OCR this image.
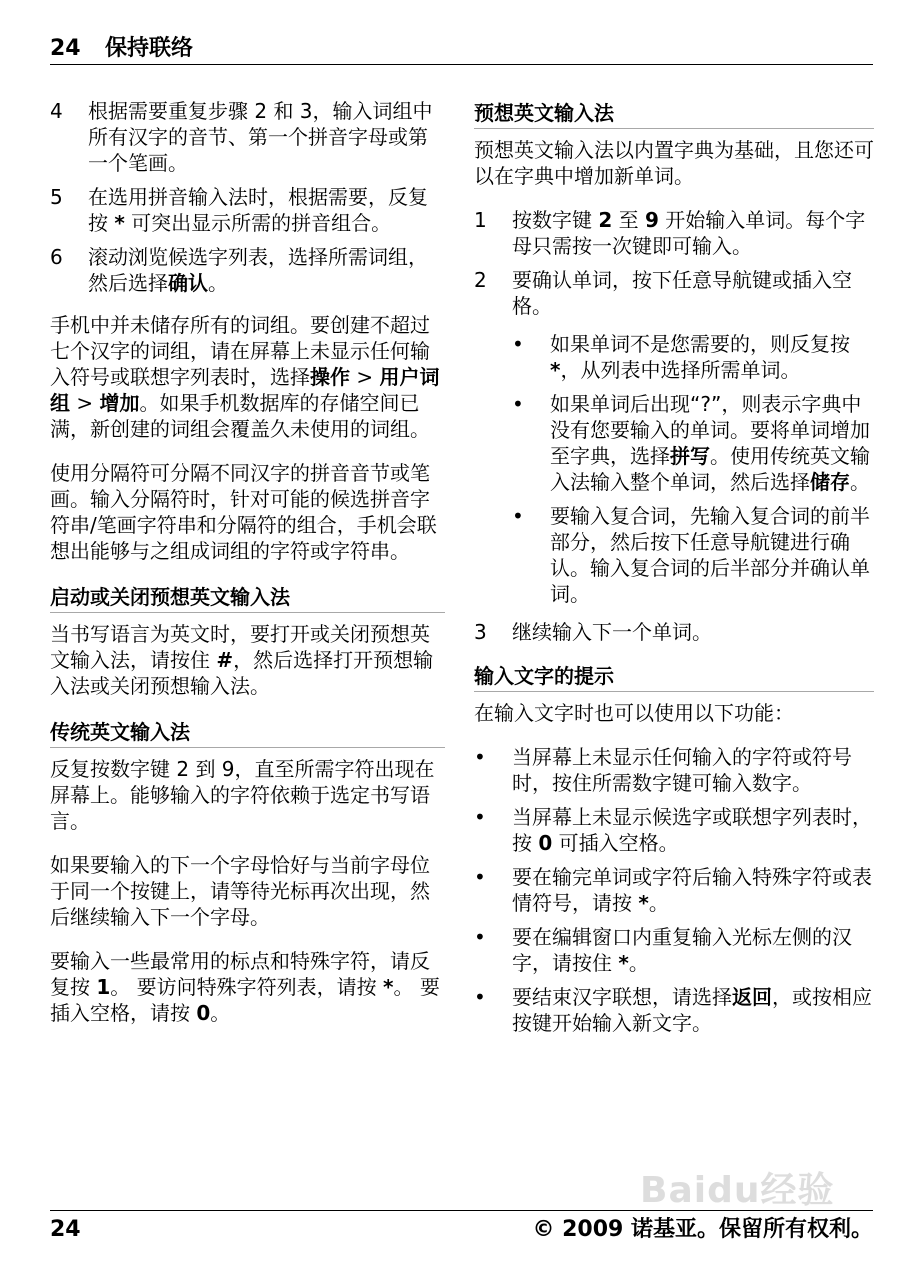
24 保持联络
4	根据需要重复步骤 2 和 3，输入词组中所有汉字的音节、第一个拼音字母或第一个笔画。
5	在选用拼音输入法时，根据需要，反复按 * 可突出显示所需的拼音组合。
6	滚动浏览候选字列表，选择所需词组，然后选择确认。

手机中并未储存所有的词组。要创建不超过七个汉字的词组，请在屏幕上未显示任何输入符号或联想字列表时，选择操作 > 用户词组 > 增加。如果手机数据库的存储空间已满，新创建的词组会覆盖久未使用的词组。

使用分隔符可分隔不同汉字的拼音音节或笔画。输入分隔符时，针对可能的候选拼音字符串/笔画字符串和分隔符的组合，手机会联想出能够与之组成词组的字符或字符串。

启动或关闭预想英文输入法

当书写语言为英文时，要打开或关闭预想英文输入法，请按住 #，然后选择打开预想输入法或关闭预想输入法。

传统英文输入法

反复按数字键 2 到 9，直至所需字符出现在屏幕上。能够输入的字符依赖于选定书写语言。

如果要输入的下一个字母恰好与当前字母位于同一个按键上，请等待光标再次出现，然后继续输入下一个字母。

要输入一些最常用的标点和特殊字符，请反复按 1。 要访问特殊字符列表，请按 *。 要插入空格，请按 0。

预想英文输入法

预想英文输入法以内置字典为基础，且您还可以在字典中增加新单词。

1	按数字键 2 至 9 开始输入单词。每个字母只需按一次键即可输入。
2	要确认单词，按下任意导航键或插入空格。
•	如果单词不是您需要的，则反复按 *，从列表中选择所需单词。
•	如果单词后出现“?”，则表示字典中没有您要输入的单词。要将单词增加至字典，选择拼写。使用传统英文输入法输入整个单词，然后选择储存。
•	要输入复合词，先输入复合词的前半部分，然后按下任意导航键进行确认。输入复合词的后半部分并确认单词。
3	继续输入下一个单词。
输入文字的提示

在输入文字时也可以使用以下功能：

•	当屏幕上未显示任何输入的字符或符号时，按住所需数字键可输入数字。
•	当屏幕上未显示候选字或联想字列表时，按 0 可插入空格。
•	要在输完单词或字符后输入特殊字符或表情符号，请按 *。
•	要在编辑窗口内重复输入光标左侧的汉字，请按住 *。
•	要结束汉字联想，请选择返回，或按相应按键开始输入新文字。
Baidu经验
24	© 2009 诺基亚。保留所有权利。
